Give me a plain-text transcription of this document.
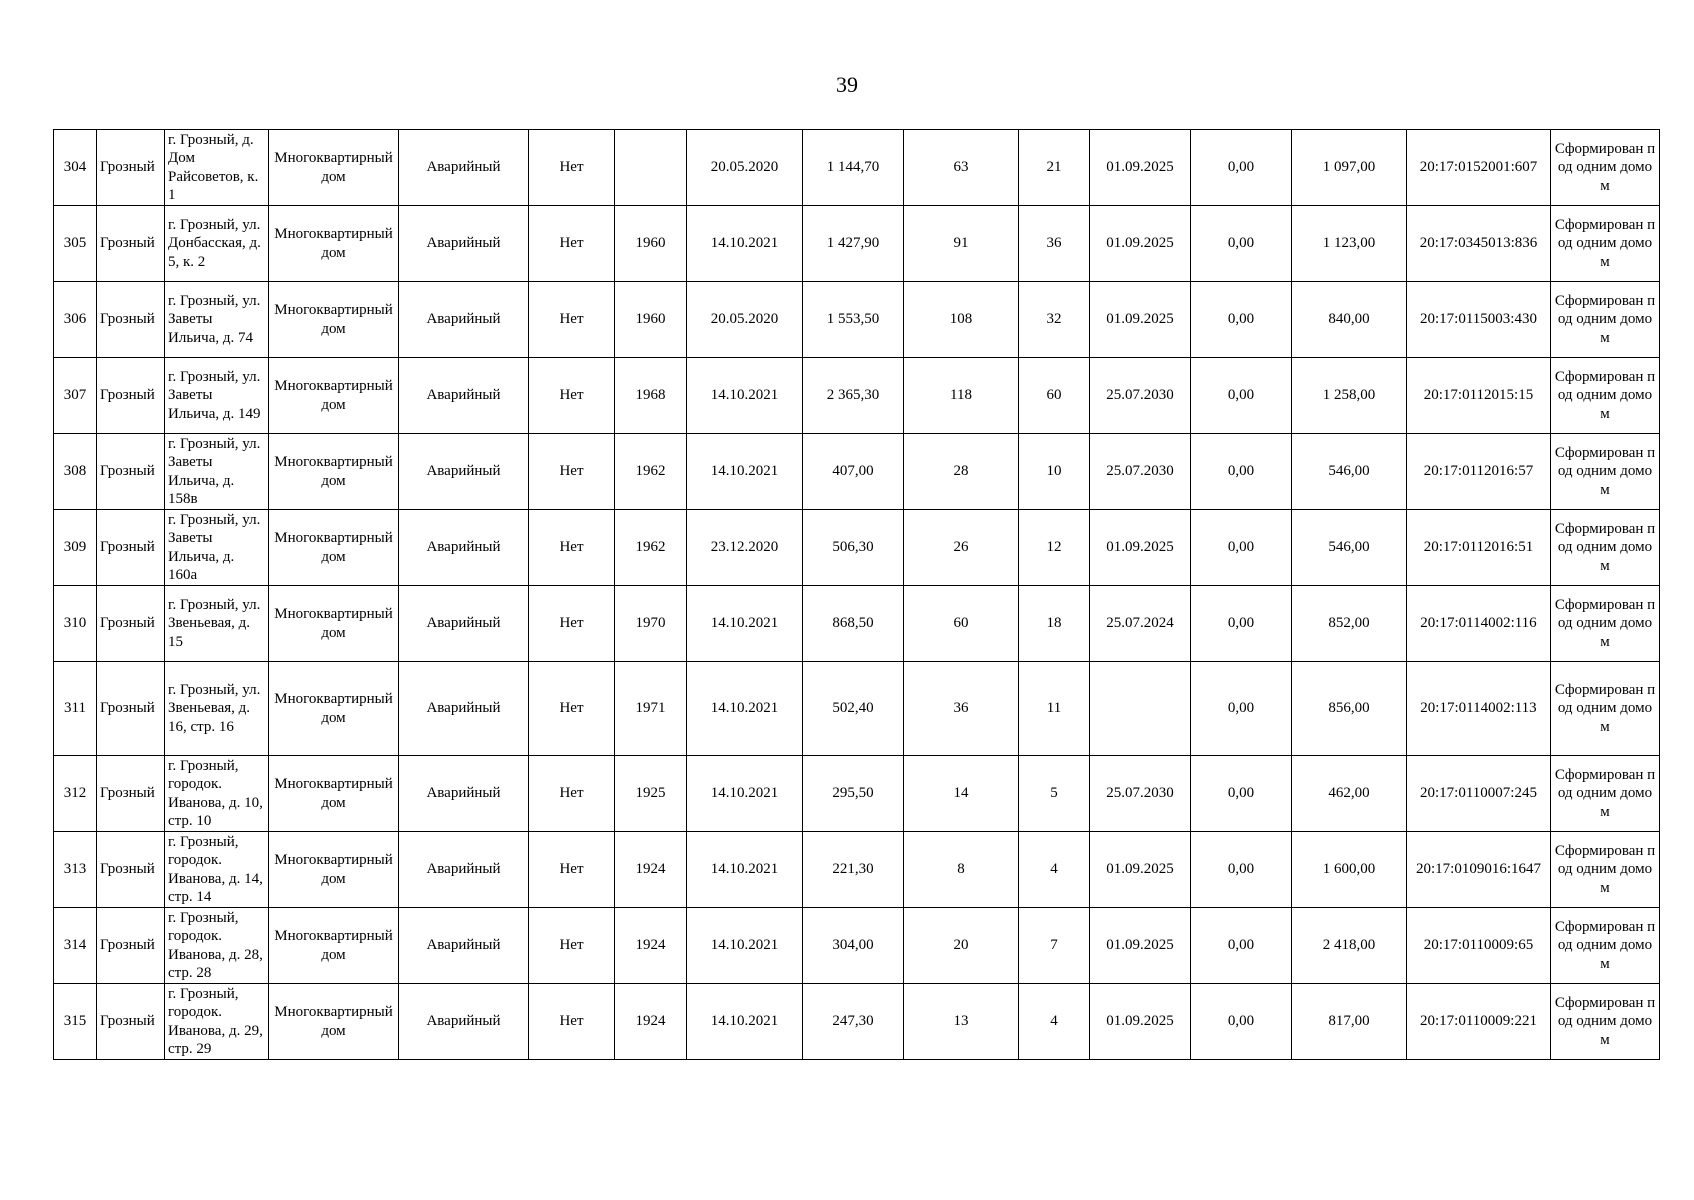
39
304	Грозный	г. Грозный, д. Дом Райсоветов, к. 1	Многоквартирный дом	Аварийный	Нет		20.05.2020	1 144,70	63	21	01.09.2025	0,00	1 097,00	20:17:0152001:607	Сформирован под одним домом
305	Грозный	г. Грозный, ул. Донбасская, д. 5, к. 2	Многоквартирный дом	Аварийный	Нет	1960	14.10.2021	1 427,90	91	36	01.09.2025	0,00	1 123,00	20:17:0345013:836	Сформирован под одним домом
306	Грозный	г. Грозный, ул. Заветы Ильича, д. 74	Многоквартирный дом	Аварийный	Нет	1960	20.05.2020	1 553,50	108	32	01.09.2025	0,00	840,00	20:17:0115003:430	Сформирован под одним домом
307	Грозный	г. Грозный, ул. Заветы Ильича, д. 149	Многоквартирный дом	Аварийный	Нет	1968	14.10.2021	2 365,30	118	60	25.07.2030	0,00	1 258,00	20:17:0112015:15	Сформирован под одним домом
308	Грозный	г. Грозный, ул. Заветы Ильича, д. 158в	Многоквартирный дом	Аварийный	Нет	1962	14.10.2021	407,00	28	10	25.07.2030	0,00	546,00	20:17:0112016:57	Сформирован под одним домом
309	Грозный	г. Грозный, ул. Заветы Ильича, д. 160а	Многоквартирный дом	Аварийный	Нет	1962	23.12.2020	506,30	26	12	01.09.2025	0,00	546,00	20:17:0112016:51	Сформирован под одним домом
310	Грозный	г. Грозный, ул. Звеньевая, д. 15	Многоквартирный дом	Аварийный	Нет	1970	14.10.2021	868,50	60	18	25.07.2024	0,00	852,00	20:17:0114002:116	Сформирован под одним домом
311	Грозный	г. Грозный, ул. Звеньевая, д. 16, стр. 16	Многоквартирный дом	Аварийный	Нет	1971	14.10.2021	502,40	36	11		0,00	856,00	20:17:0114002:113	Сформирован под одним домом
312	Грозный	г. Грозный, городок. Иванова, д. 10, стр. 10	Многоквартирный дом	Аварийный	Нет	1925	14.10.2021	295,50	14	5	25.07.2030	0,00	462,00	20:17:0110007:245	Сформирован под одним домом
313	Грозный	г. Грозный, городок. Иванова, д. 14, стр. 14	Многоквартирный дом	Аварийный	Нет	1924	14.10.2021	221,30	8	4	01.09.2025	0,00	1 600,00	20:17:0109016:1647	Сформирован под одним домом
314	Грозный	г. Грозный, городок. Иванова, д. 28, стр. 28	Многоквартирный дом	Аварийный	Нет	1924	14.10.2021	304,00	20	7	01.09.2025	0,00	2 418,00	20:17:0110009:65	Сформирован под одним домом
315	Грозный	г. Грозный, городок. Иванова, д. 29, стр. 29	Многоквартирный дом	Аварийный	Нет	1924	14.10.2021	247,30	13	4	01.09.2025	0,00	817,00	20:17:0110009:221	Сформирован под одним домом
